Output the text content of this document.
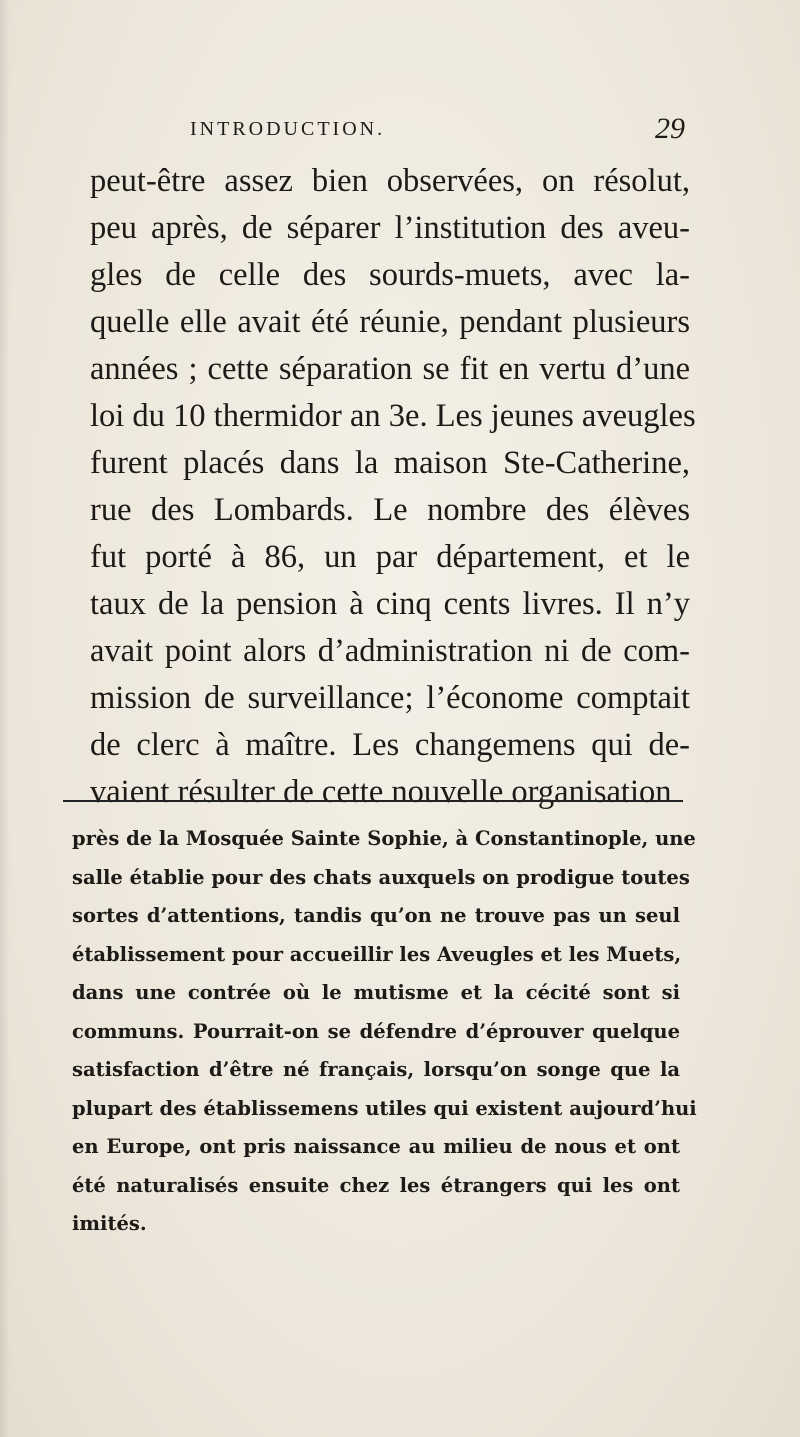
INTRODUCTION.	29
peut-être assez bien observées, on résolut,
peu après, de séparer l’institution des aveu-
gles de celle des sourds-muets, avec la-
quelle elle avait été réunie, pendant plusieurs
années ; cette séparation se fit en vertu d’une
loi du 10 thermidor an 3e. Les jeunes aveugles
furent placés dans la maison Ste-Catherine,
rue des Lombards. Le nombre des élèves
fut porté à 86, un par département, et le
taux de la pension à cinq cents livres. Il n’y
avait point alors d’administration ni de com-
mission de surveillance; l’économe comptait
de clerc à maître. Les changemens qui de-
vaient résulter de cette nouvelle organisation
près de la Mosquée Sainte Sophie, à Constantinople, une
salle établie pour des chats auxquels on prodigue toutes
sortes d’attentions, tandis qu’on ne trouve pas un seul
établissement pour accueillir les Aveugles et les Muets,
dans une contrée où le mutisme et la cécité sont si
communs. Pourrait-on se défendre d’éprouver quelque
satisfaction d’être né français, lorsqu’on songe que la
plupart des établissemens utiles qui existent aujourd’hui
en Europe, ont pris naissance au milieu de nous et ont
été naturalisés ensuite chez les étrangers qui les ont
imités.
